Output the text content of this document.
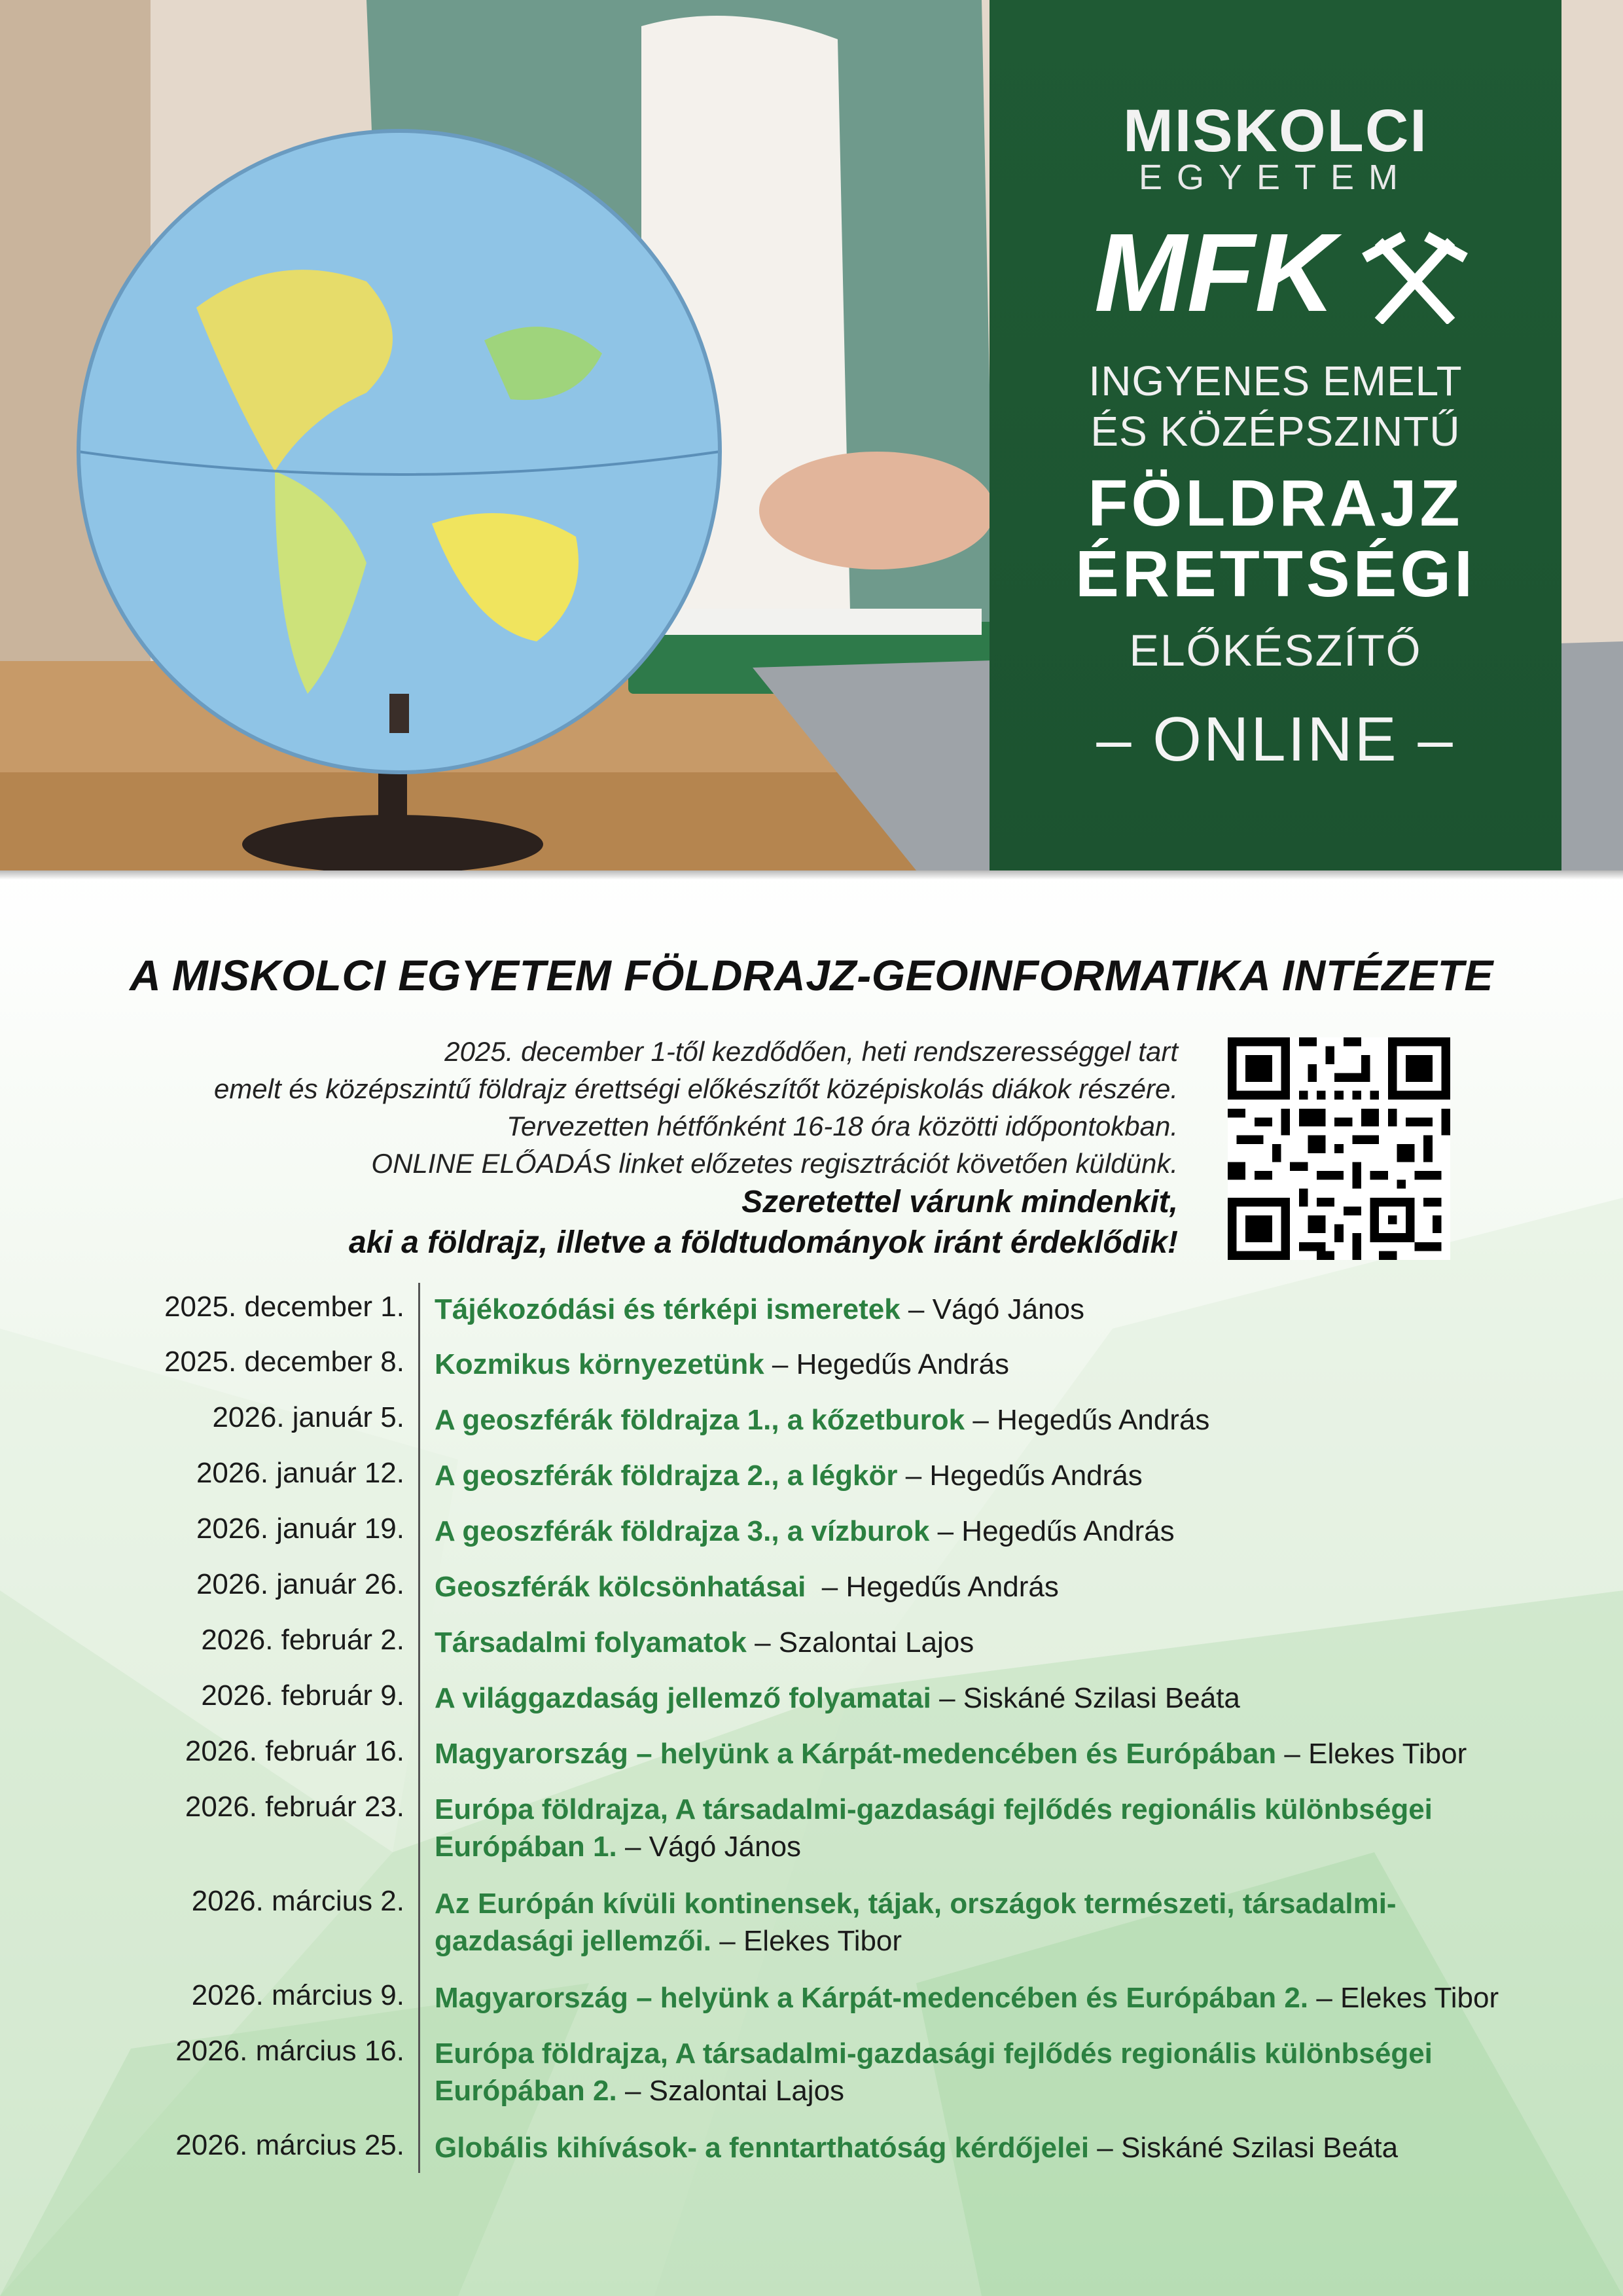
MISKOLCI
EGYETEM
MFK
INGYENES EMELT
ÉS KÖZÉPSZINTŰ
FÖLDRAJZ
ÉRETTSÉGI
ELŐKÉSZÍTŐ
– ONLINE –
A MISKOLCI EGYETEM FÖLDRAJZ-GEOINFORMATIKA INTÉZETE
2025. december 1-től kezdődően, heti rendszerességgel tart
emelt és középszintű földrajz érettségi előkészítőt középiskolás diákok részére.
Tervezetten hétfőnként 16-18 óra közötti időpontokban.
ONLINE ELŐADÁS linket előzetes regisztrációt követően küldünk.
Szeretettel várunk mindenkit,
aki a földrajz, illetve a földtudományok iránt érdeklődik!
2025. december 1. Tájékozódási és térképi ismeretek – Vágó János
2025. december 8. Kozmikus környezetünk – Hegedűs András
2026. január 5. A geoszférák földrajza 1., a kőzetburok – Hegedűs András
2026. január 12. A geoszférák földrajza 2., a légkör – Hegedűs András
2026. január 19. A geoszférák földrajza 3., a vízburok – Hegedűs András
2026. január 26. Geoszférák kölcsönhatásai  – Hegedűs András
2026. február 2. Társadalmi folyamatok – Szalontai Lajos
2026. február 9. A világgazdaság jellemző folyamatai – Siskáné Szilasi Beáta
2026. február 16. Magyarország – helyünk a Kárpát-medencében és Európában – Elekes Tibor
2026. február 23. Európa földrajza, A társadalmi-gazdasági fejlődés regionális különbségei Európában 1. – Vágó János
2026. március 2. Az Európán kívüli kontinensek, tájak, országok természeti, társadalmi-gazdasági jellemzői. – Elekes Tibor
2026. március 9. Magyarország – helyünk a Kárpát-medencében és Európában 2. – Elekes Tibor
2026. március 16. Európa földrajza, A társadalmi-gazdasági fejlődés regionális különbségei Európában 2. – Szalontai Lajos
2026. március 25. Globális kihívások- a fenntarthatóság kérdőjelei – Siskáné Szilasi Beáta
